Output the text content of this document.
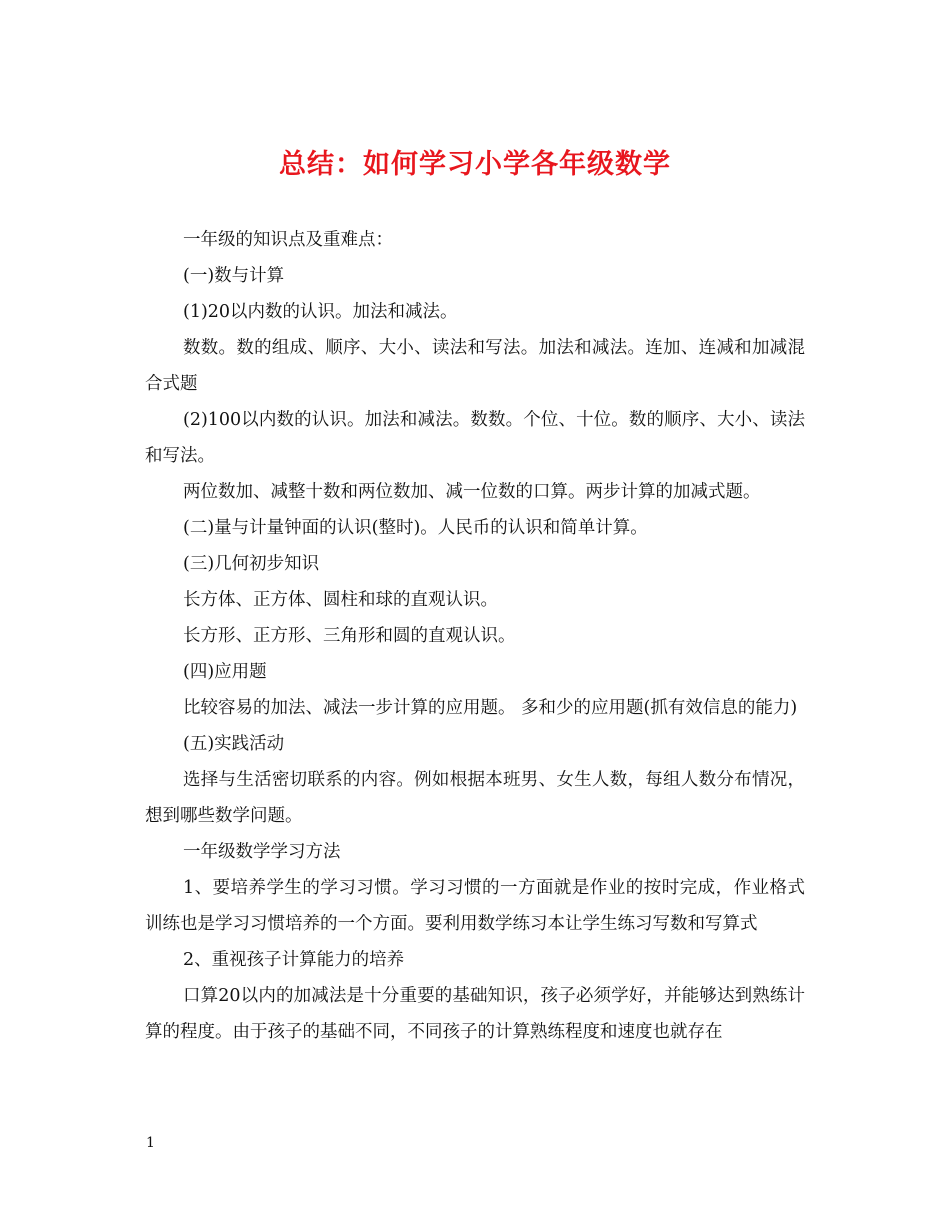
总结：如何学习小学各年级数学

一年级的知识点及重难点：

(一)数与计算

(1)20以内数的认识。加法和减法。

数数。数的组成、顺序、大小、读法和写法。加法和减法。连加、连减和加减混合式题

(2)100以内数的认识。加法和减法。数数。个位、十位。数的顺序、大小、读法和写法。

两位数加、减整十数和两位数加、减一位数的口算。两步计算的加减式题。

(二)量与计量钟面的认识(整时)。人民币的认识和简单计算。

(三)几何初步知识

长方体、正方体、圆柱和球的直观认识。

长方形、正方形、三角形和圆的直观认识。

(四)应用题

比较容易的加法、减法一步计算的应用题。 多和少的应用题(抓有效信息的能力)

(五)实践活动

选择与生活密切联系的内容。例如根据本班男、女生人数，每组人数分布情况，想到哪些数学问题。

一年级数学学习方法

1、要培养学生的学习习惯。学习习惯的一方面就是作业的按时完成，作业格式训练也是学习习惯培养的一个方面。要利用数学练习本让学生练习写数和写算式

2、重视孩子计算能力的培养

口算20以内的加减法是十分重要的基础知识，孩子必须学好，并能够达到熟练计算的程度。由于孩子的基础不同，不同孩子的计算熟练程度和速度也就存在

1
